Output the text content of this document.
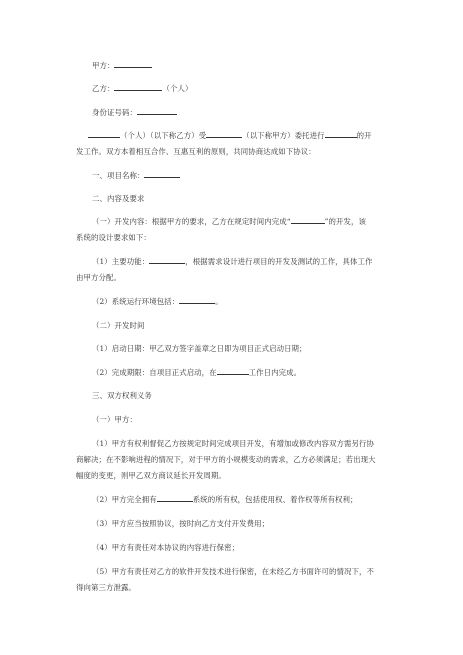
甲方：
乙方：	（个人）
身份证号码：
（个人）（以下称乙方）受	（以下称甲方）委托进行	的开
发工作。双方本着相互合作、互惠互利的原则，共同协商达成如下协议：
一、项目名称：
二、内容及要求
（一）开发内容：根据甲方的要求，乙方在规定时间内完成“	”的开发，该
系统的设计要求如下：
（1）主要功能：	，根据需求设计进行项目的开发及测试的工作，具体工作
由甲方分配。
（2）系统运行环境包括：	。
（二）开发时间
（1）启动日期：甲乙双方签字盖章之日即为项目正式启动日期；
（2）完成期限：自项目正式启动，在	工作日内完成。
三、双方权利义务
（一）甲方：
（1）甲方有权利督促乙方按规定时间完成项目开发，有增加或修改内容双方需另行协
商解决；在不影响进程的情况下，对于甲方的小规模变动的需求，乙方必须满足；若出现大
幅度的变更，则甲乙双方商议延长开发周期。
（2）甲方完全拥有	系统的所有权，包括使用权、着作权等所有权利；
（3）甲方应当按照协议，按时向乙方支付开发费用；
（4）甲方有责任对本协议的内容进行保密；
（5）甲方有责任对乙方的软件开发技术进行保密，在未经乙方书面许可的情况下，不
得向第三方泄露。
